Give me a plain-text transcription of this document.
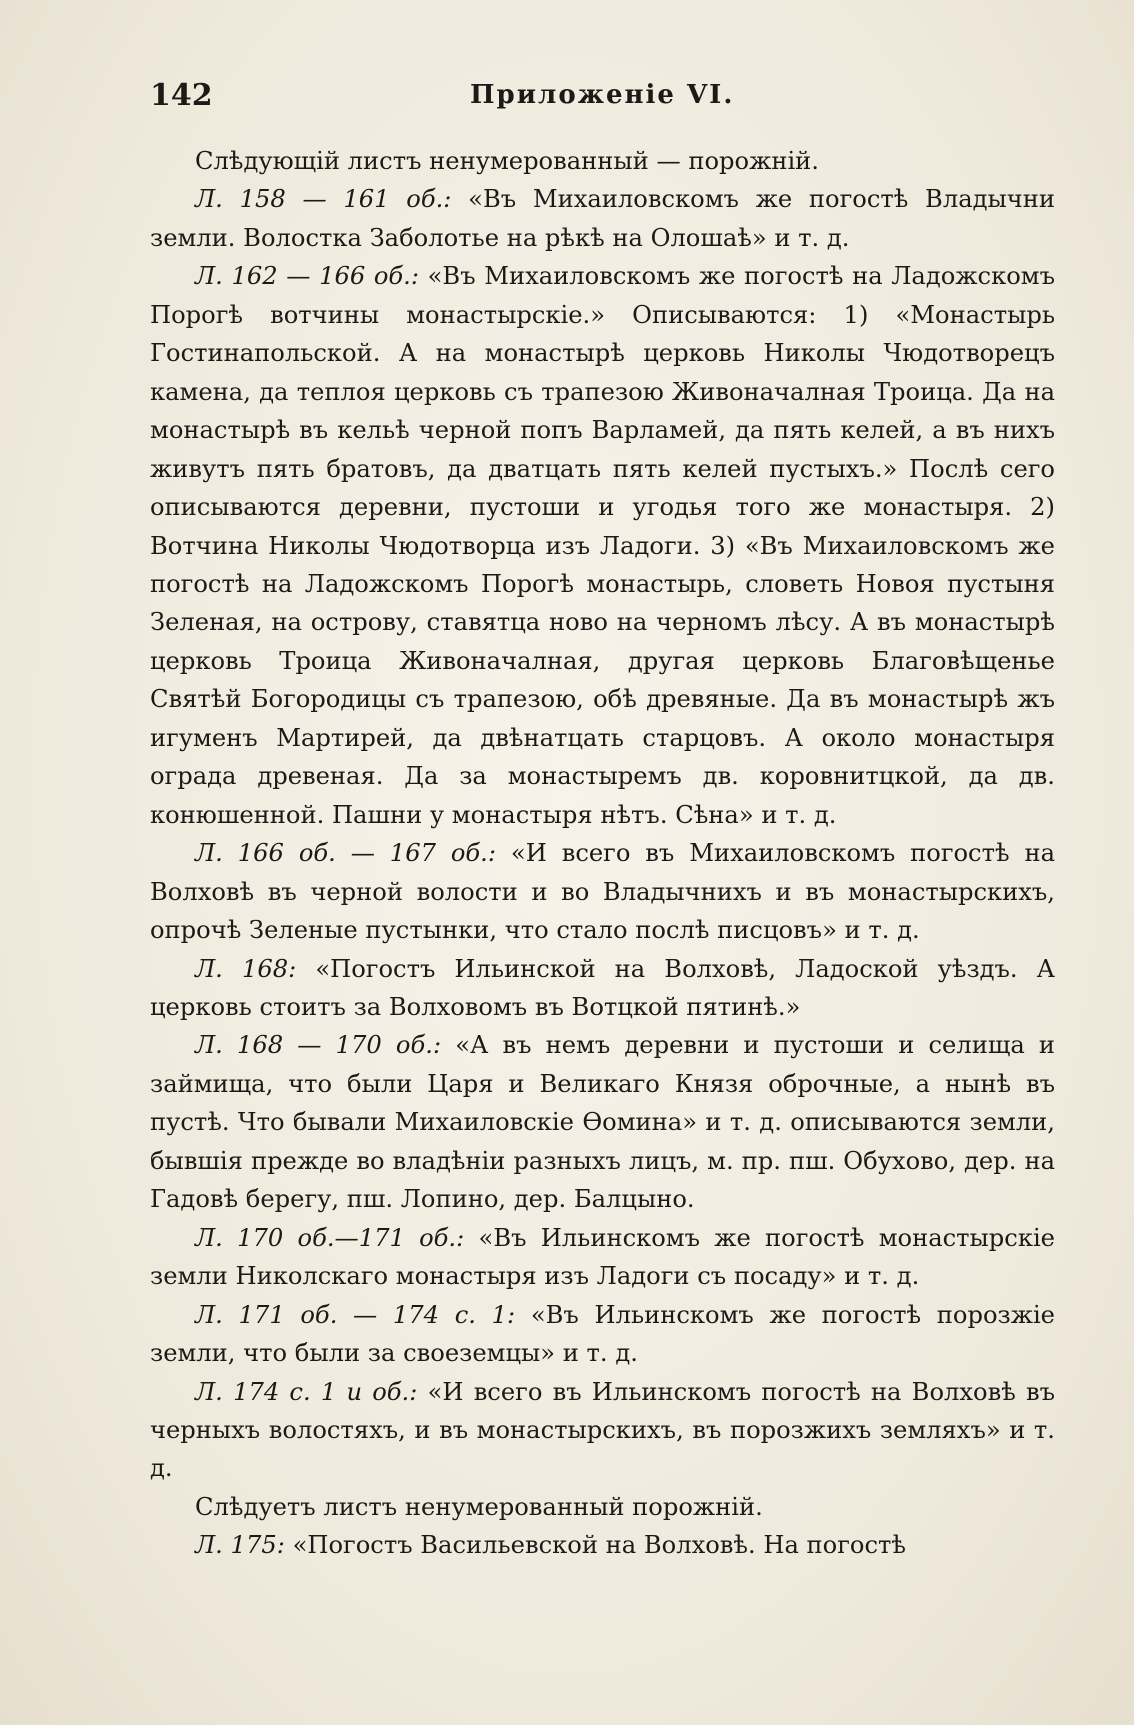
142	Приложеніе VI.

Слѣдующій листъ ненумерованный — порожній.

Л. 158 — 161 об.: «Въ Михаиловскомъ же погостѣ Владычни земли. Волостка Заболотье на рѣкѣ на Олошаѣ» и т. д.

Л. 162 — 166 об.: «Въ Михаиловскомъ же погостѣ на Ладожскомъ Порогѣ вотчины монастырскіе.» Описываются: 1) «Монастырь Гостинапольской. А на монастырѣ церковь Николы Чюдотворецъ камена, да теплоя церковь съ трапезою Живоначалная Троица. Да на монастырѣ въ кельѣ черной попъ Варламей, да пять келей, а въ нихъ живутъ пять братовъ, да дватцать пять келей пустыхъ.» Послѣ сего описываются деревни, пустоши и угодья того же монастыря. 2) Вотчина Николы Чюдотворца изъ Ладоги. 3) «Въ Михаиловскомъ же погостѣ на Ладожскомъ Порогѣ монастырь, словеть Новоя пустыня Зеленая, на острову, ставятца ново на черномъ лѣсу. А въ монастырѣ церковь Троица Живоначалная, другая церковь Благовѣщенье Святѣй Богородицы съ трапезою, обѣ древяные. Да въ монастырѣ жъ игуменъ Мартирей, да двѣнатцать старцовъ. А около монастыря ограда древеная. Да за монастыремъ дв. коровнитцкой, да дв. конюшенной. Пашни у монастыря нѣтъ. Сѣна» и т. д.

Л. 166 об. — 167 об.: «И всего въ Михаиловскомъ погостѣ на Волховѣ въ черной волости и во Владычнихъ и въ монастырскихъ, опрочѣ Зеленые пустынки, что стало послѣ писцовъ» и т. д.

Л. 168: «Погостъ Ильинской на Волховѣ, Ладоской уѣздъ. А церковь стоитъ за Волховомъ въ Вотцкой пятинѣ.»

Л. 168 — 170 об.: «А въ немъ деревни и пустоши и селища и займища, что были Царя и Великаго Князя оброчные, а нынѣ въ пустѣ. Что бывали Михаиловскіе Ѳомина» и т. д. описываются земли, бывшія прежде во владѣніи разныхъ лицъ, м. пр. пш. Обухово, дер. на Гадовѣ берегу, пш. Лопино, дер. Балцыно.

Л. 170 об.—171 об.: «Въ Ильинскомъ же погостѣ монастырскіе земли Николскаго монастыря изъ Ладоги съ посаду» и т. д.

Л. 171 об. — 174 с. 1: «Въ Ильинскомъ же погостѣ порозжіе земли, что были за своеземцы» и т. д.

Л. 174 с. 1 и об.: «И всего въ Ильинскомъ погостѣ на Волховѣ въ черныхъ волостяхъ, и въ монастырскихъ, въ порозжихъ земляхъ» и т. д.

Слѣдуетъ листъ ненумерованный порожній.

Л. 175: «Погостъ Васильевской на Волховѣ. На погостѣ
